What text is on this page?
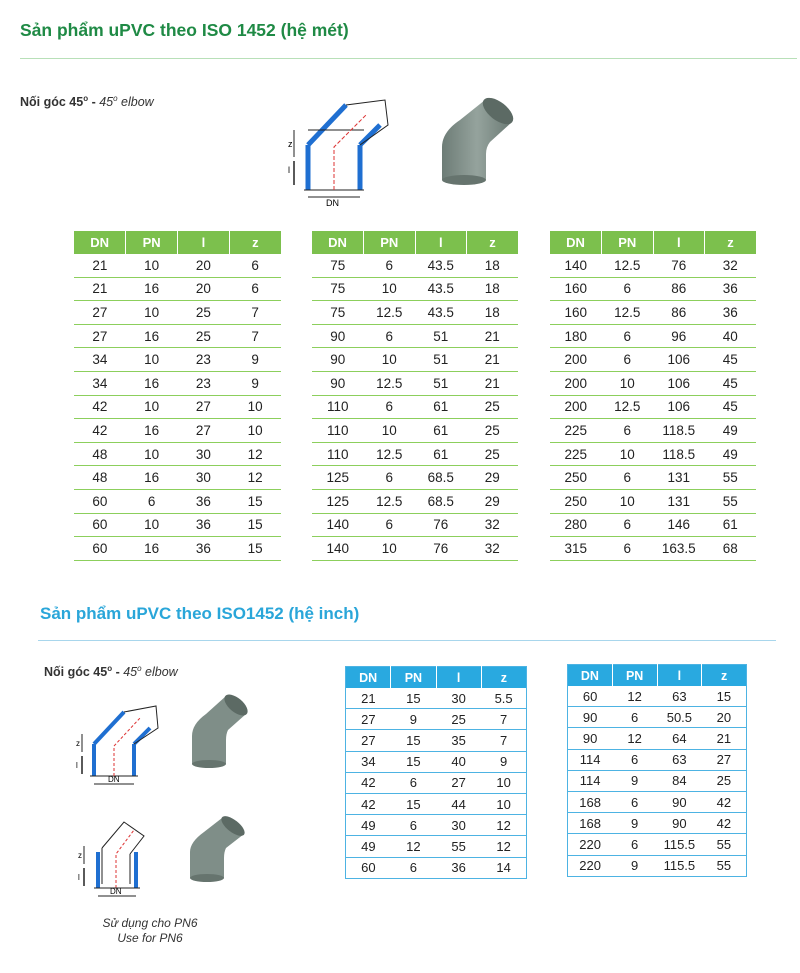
Sản phẩm uPVC theo ISO 1452 (hệ mét)
Nối góc 45$^o$ - 45$^o$ elbow
z
l
DN
DN	PN	l	z
21	10	20	6
21	16	20	6
27	10	25	7
27	16	25	7
34	10	23	9
34	16	23	9
42	10	27	10
42	16	27	10
48	10	30	12
48	16	30	12
60	6	36	15
60	10	36	15
60	16	36	15
DN	PN	l	z
75	6	43.5	18
75	10	43.5	18
75	12.5	43.5	18
90	6	51	21
90	10	51	21
90	12.5	51	21
110	6	61	25
110	10	61	25
110	12.5	61	25
125	6	68.5	29
125	12.5	68.5	29
140	6	76	32
140	10	76	32
DN	PN	l	z
140	12.5	76	32
160	6	86	36
160	12.5	86	36
180	6	96	40
200	6	106	45
200	10	106	45
200	12.5	106	45
225	6	118.5	49
225	10	118.5	49
250	6	131	55
250	10	131	55
280	6	146	61
315	6	163.5	68
Sản phẩm uPVC theo ISO1452 (hệ inch)
Nối góc 45$^o$ - 45$^o$ elbow
z
l
DN
z
l
DN
Sử dụng cho PN6
Use for PN6
DN	PN	l	z
21	15	30	5.5
27	9	25	7
27	15	35	7
34	15	40	9
42	6	27	10
42	15	44	10
49	6	30	12
49	12	55	12
60	6	36	14
DN	PN	l	z
60	12	63	15
90	6	50.5	20
90	12	64	21
114	6	63	27
114	9	84	25
168	6	90	42
168	9	90	42
220	6	115.5	55
220	9	115.5	55
